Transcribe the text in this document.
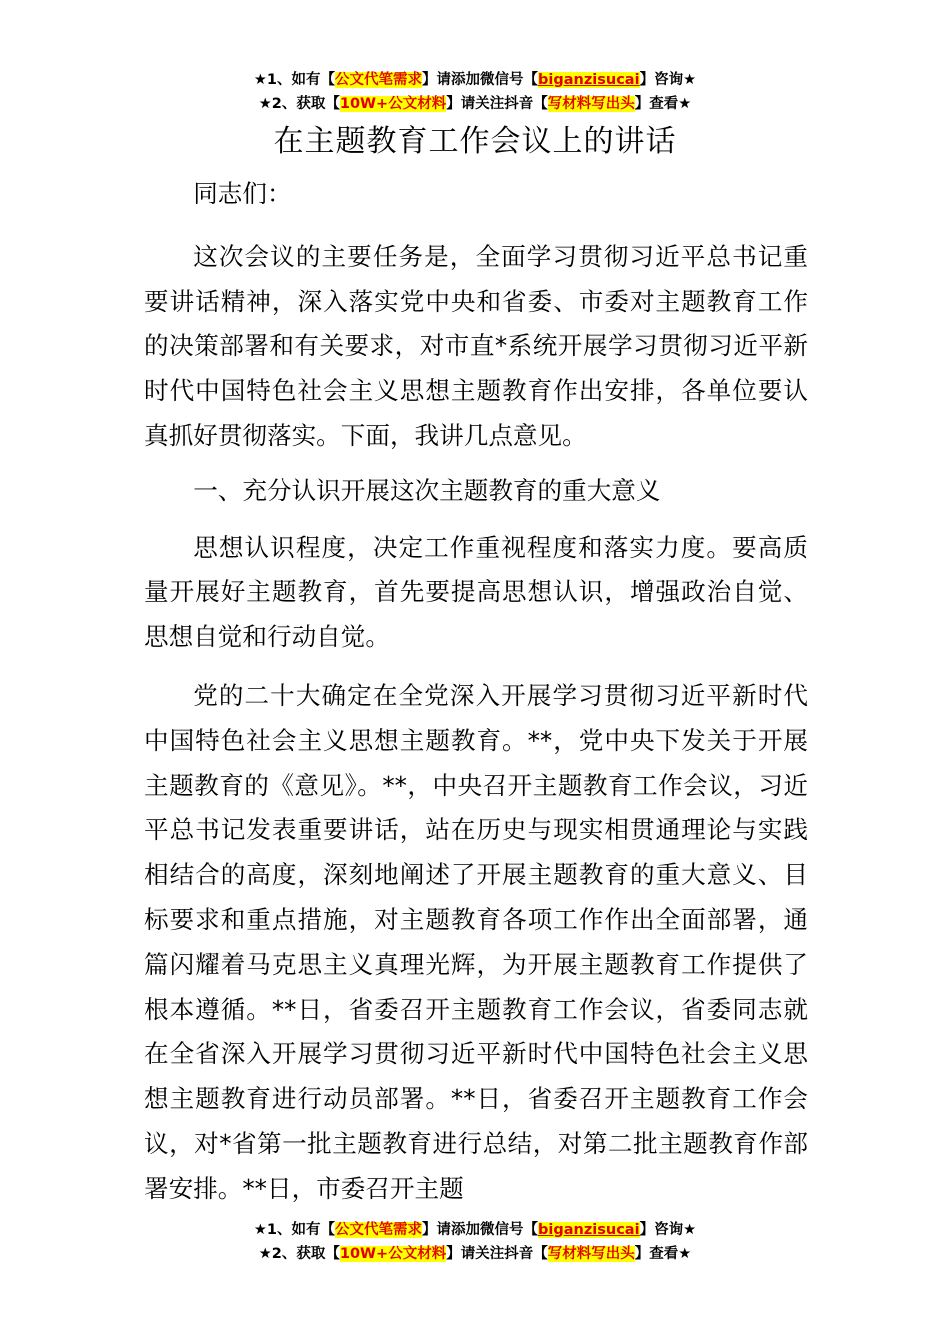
★1、如有【公文代笔需求】请添加微信号【biganzisucai】咨询★
★2、获取【10W+公文材料】请关注抖音【写材料写出头】查看★
在主题教育工作会议上的讲话

同志们：

这次会议的主要任务是，全面学习贯彻习近平总书记重要讲话精神，深入落实党中央和省委、市委对主题教育工作的决策部署和有关要求，对市直*系统开展学习贯彻习近平新时代中国特色社会主义思想主题教育作出安排，各单位要认真抓好贯彻落实。下面，我讲几点意见。

一、充分认识开展这次主题教育的重大意义

思想认识程度，决定工作重视程度和落实力度。要高质量开展好主题教育，首先要提高思想认识，增强政治自觉、思想自觉和行动自觉。

党的二十大确定在全党深入开展学习贯彻习近平新时代中国特色社会主义思想主题教育。**，党中央下发关于开展主题教育的《意见》。**，中央召开主题教育工作会议，习近平总书记发表重要讲话，站在历史与现实相贯通理论与实践相结合的高度，深刻地阐述了开展主题教育的重大意义、目标要求和重点措施，对主题教育各项工作作出全面部署，通篇闪耀着马克思主义真理光辉，为开展主题教育工作提供了根本遵循。**日，省委召开主题教育工作会议，省委同志就在全省深入开展学习贯彻习近平新时代中国特色社会主义思想主题教育进行动员部署。**日，省委召开主题教育工作会议，对*省第一批主题教育进行总结，对第二批主题教育作部署安排。**日，市委召开主题

★1、如有【公文代笔需求】请添加微信号【biganzisucai】咨询★
★2、获取【10W+公文材料】请关注抖音【写材料写出头】查看★
